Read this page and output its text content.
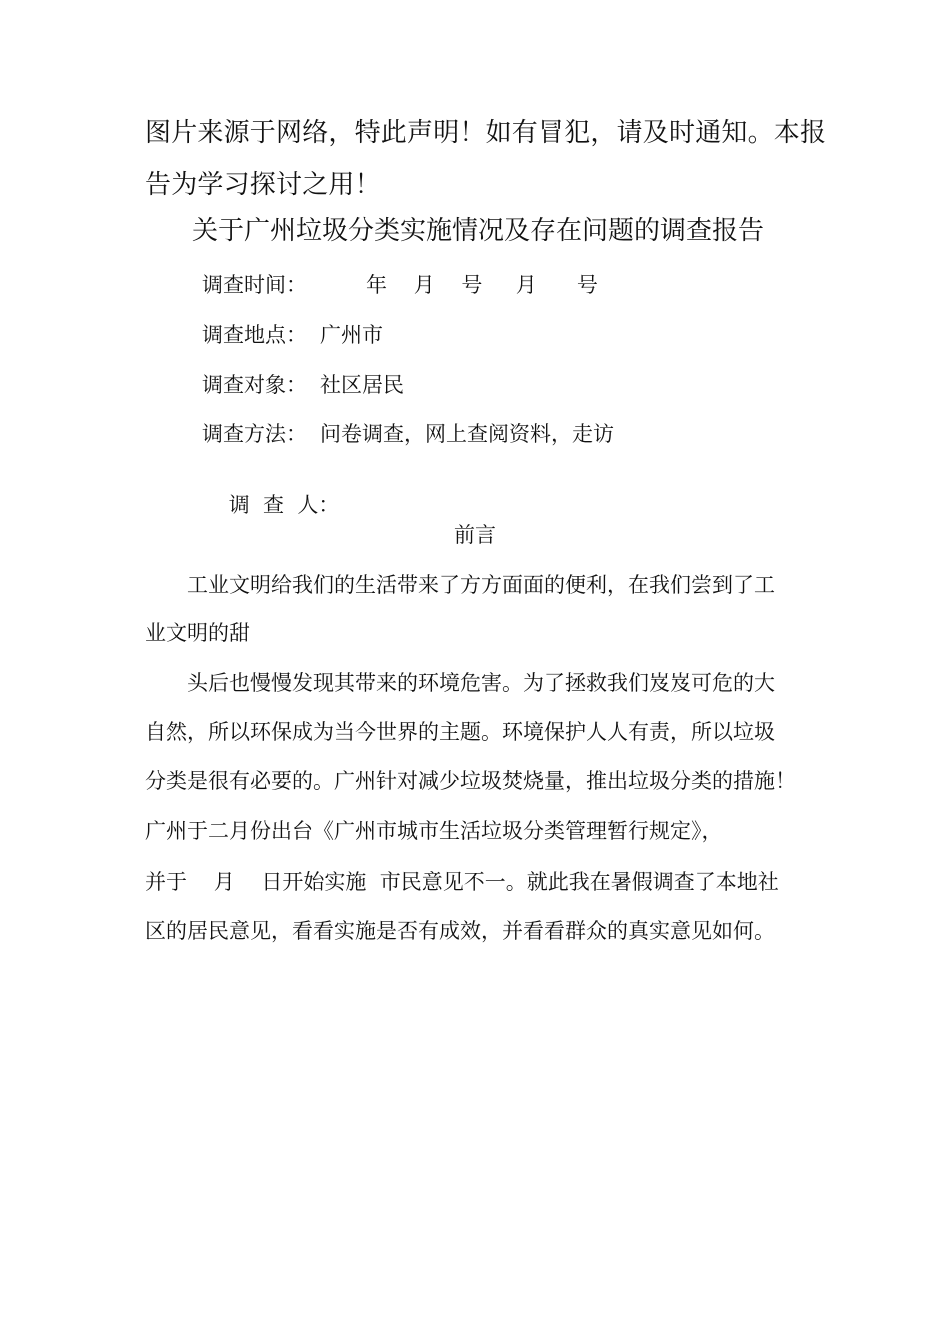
图片来源于网络，特此声明！如有冒犯，请及时通知。本报
告为学习探讨之用！
关于广州垃圾分类实施情况及存在问题的调查报告
调查时间：	年    月    号     月      号
调查地点： 广州市
调查对象： 社区居民
调查方法： 问卷调查，网上查阅资料，走访

调  查  人：

前言
工业文明给我们的生活带来了方方面面的便利，在我们尝到了工
业文明的甜
头后也慢慢发现其带来的环境危害。为了拯救我们岌岌可危的大
自然，所以环保成为当今世界的主题。环境保护人人有责，所以垃圾
分类是很有必要的。广州针对减少垃圾焚烧量，推出垃圾分类的措施！
广州于二月份出台《广州市城市生活垃圾分类管理暂行规定》，
并于    月    日开始实施  市民意见不一。就此我在暑假调查了本地社
区的居民意见，看看实施是否有成效，并看看群众的真实意见如何。
